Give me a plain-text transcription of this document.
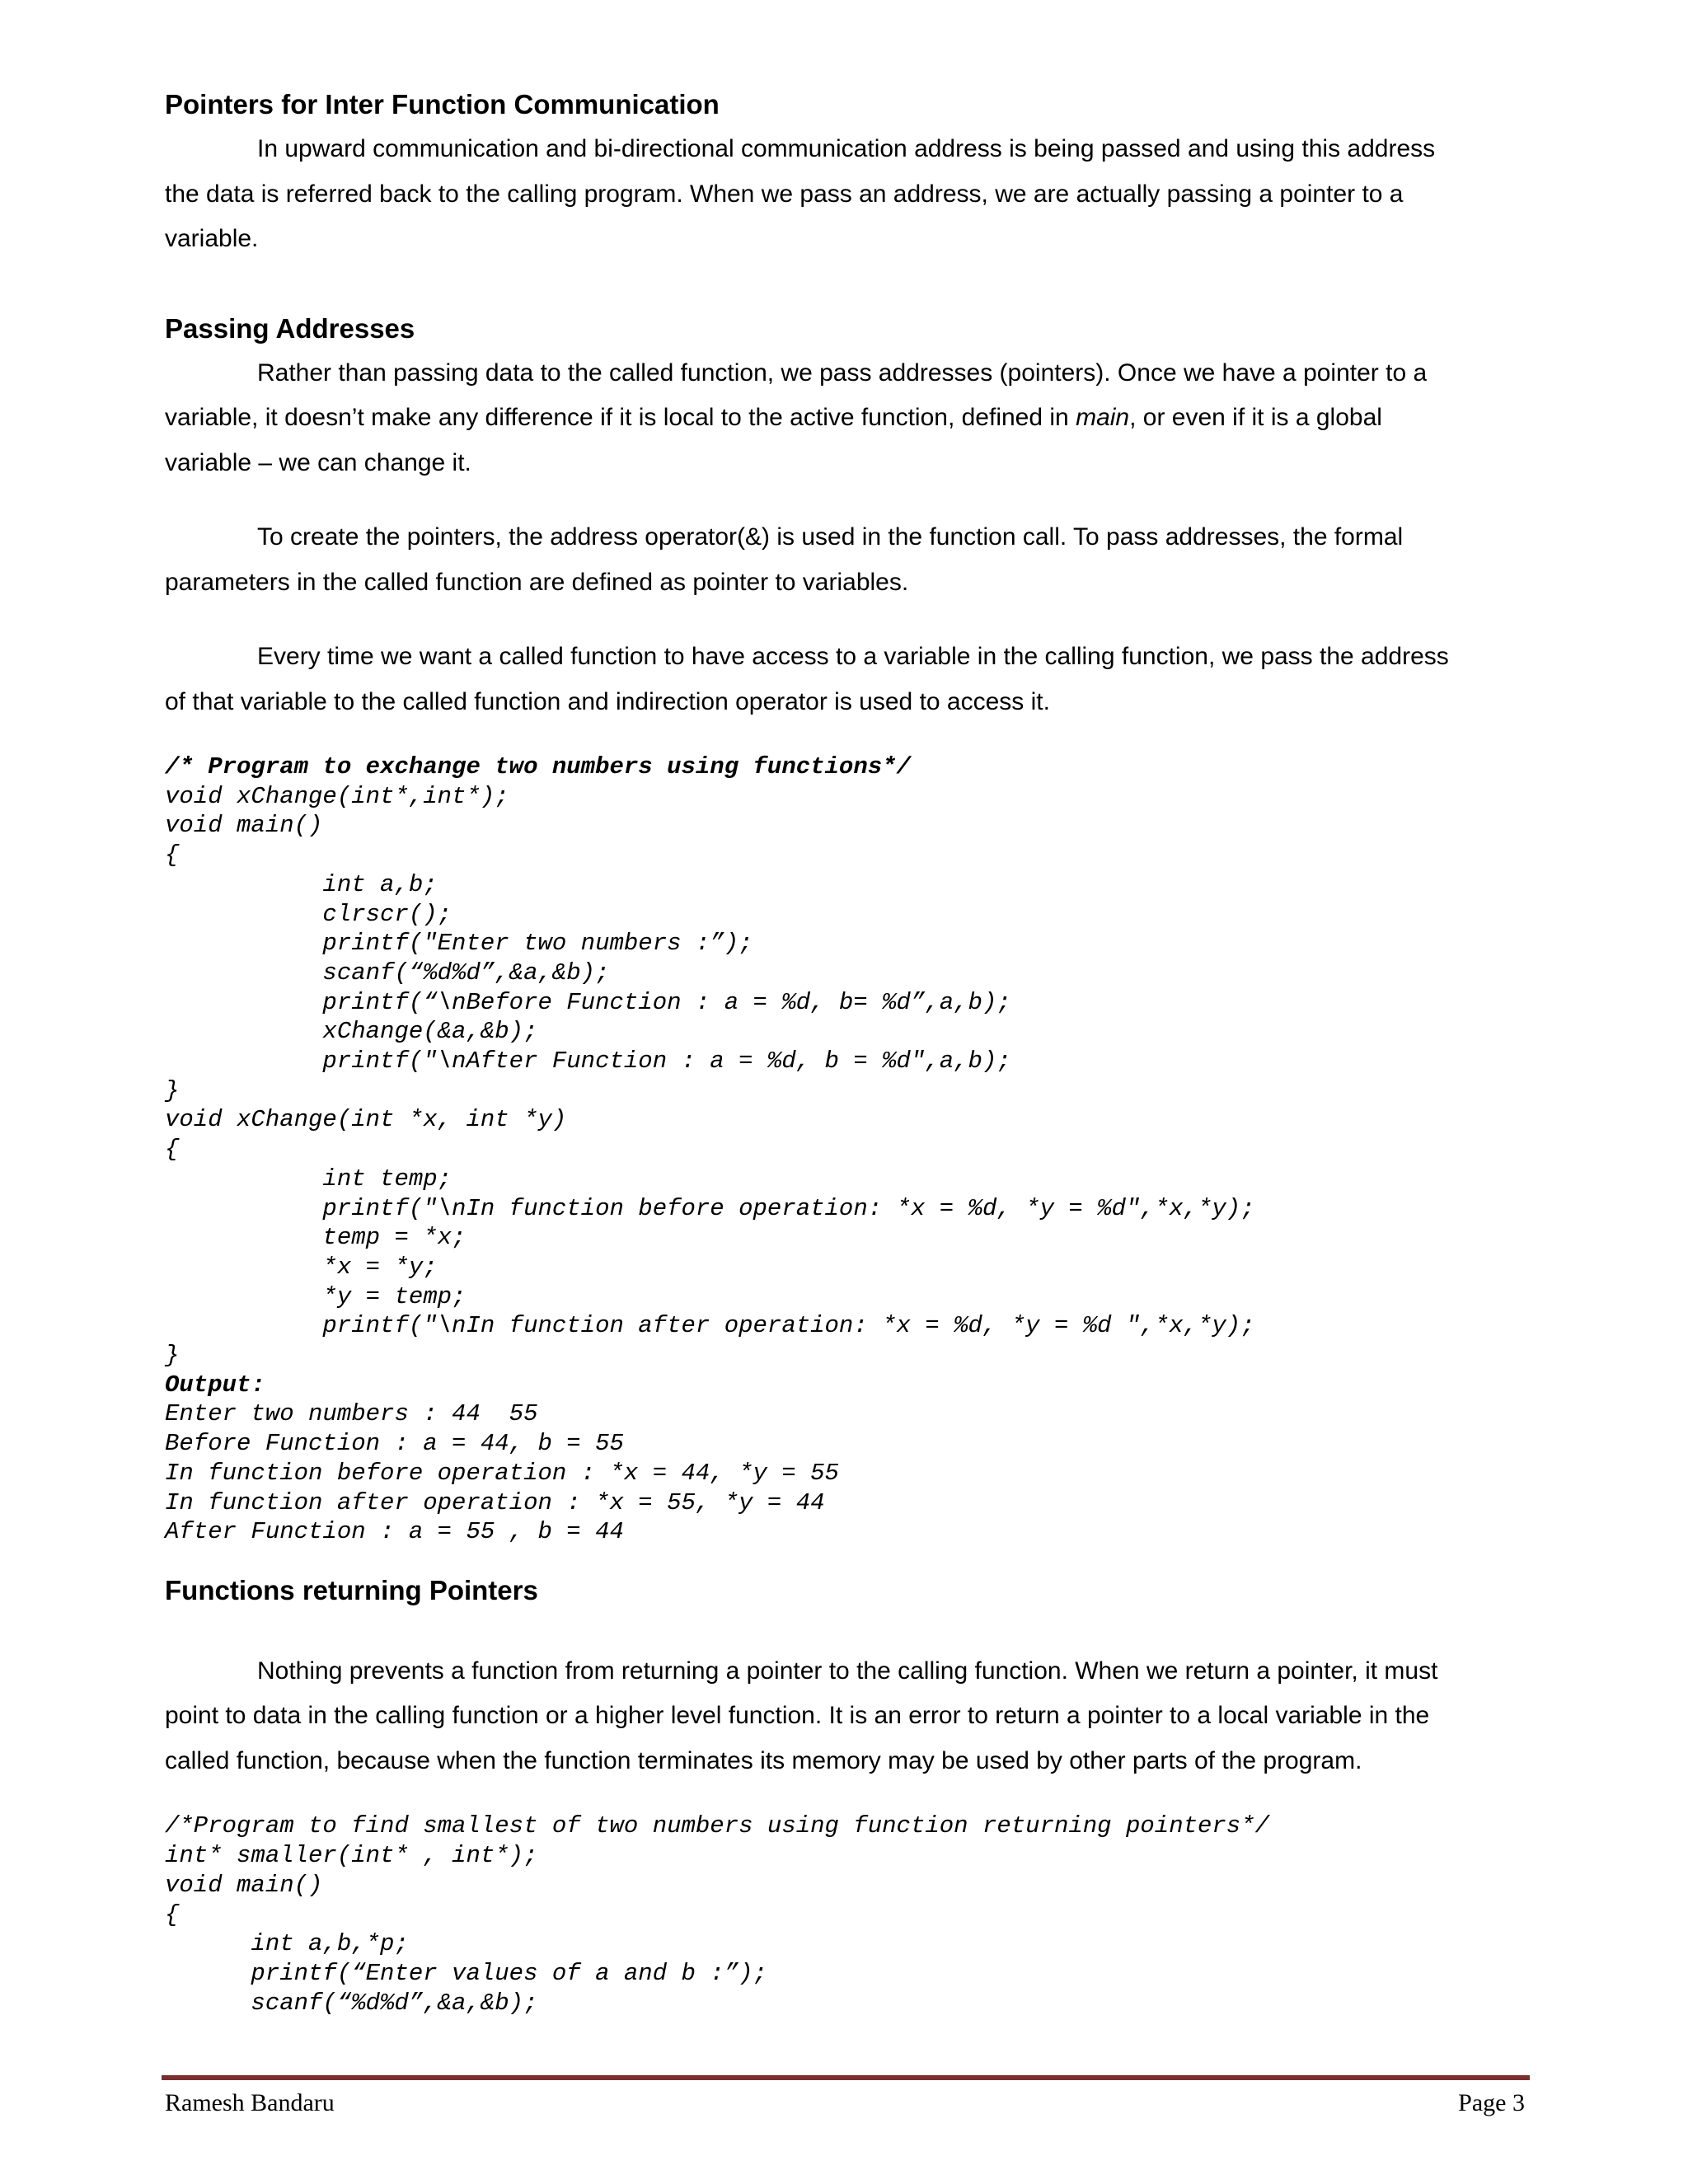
Pointers for Inter Function Communication

In upward communication and bi-directional communication address is being passed and using this address
the data is referred back to the calling program. When we pass an address, we are actually passing a pointer to a
variable.

Passing Addresses

Rather than passing data to the called function, we pass addresses (pointers). Once we have a pointer to a
variable, it doesn’t make any difference if it is local to the active function, defined in main, or even if it is a global
variable – we can change it.

To create the pointers, the address operator(&) is used in the function call. To pass addresses, the formal
parameters in the called function are defined as pointer to variables.

Every time we want a called function to have access to a variable in the calling function, we pass the address
of that variable to the called function and indirection operator is used to access it.

/* Program to exchange two numbers using functions*/
void xChange(int*,int*);
void main()
{
int a,b;
clrscr();
printf("Enter two numbers :”);
scanf(“%d%d”,&a,&b);
printf(“\nBefore Function : a = %d, b= %d”,a,b);
xChange(&a,&b);
printf("\nAfter Function : a = %d, b = %d",a,b);
}
void xChange(int *x, int *y)
{
int temp;
printf("\nIn function before operation: *x = %d, *y = %d",*x,*y);
temp = *x;
*x = *y;
*y = temp;
printf("\nIn function after operation: *x = %d, *y = %d ",*x,*y);
}
Output:
Enter two numbers : 44  55
Before Function : a = 44, b = 55
In function before operation : *x = 44, *y = 55
In function after operation : *x = 55, *y = 44
After Function : a = 55 , b = 44
Functions returning Pointers

Nothing prevents a function from returning a pointer to the calling function. When we return a pointer, it must
point to data in the calling function or a higher level function. It is an error to return a pointer to a local variable in the
called function, because when the function terminates its memory may be used by other parts of the program.

/*Program to find smallest of two numbers using function returning pointers*/
int* smaller(int* , int*);
void main()
{
int a,b,*p;
printf(“Enter values of a and b :”);
scanf(“%d%d”,&a,&b);
Ramesh Bandaru	Page 3
